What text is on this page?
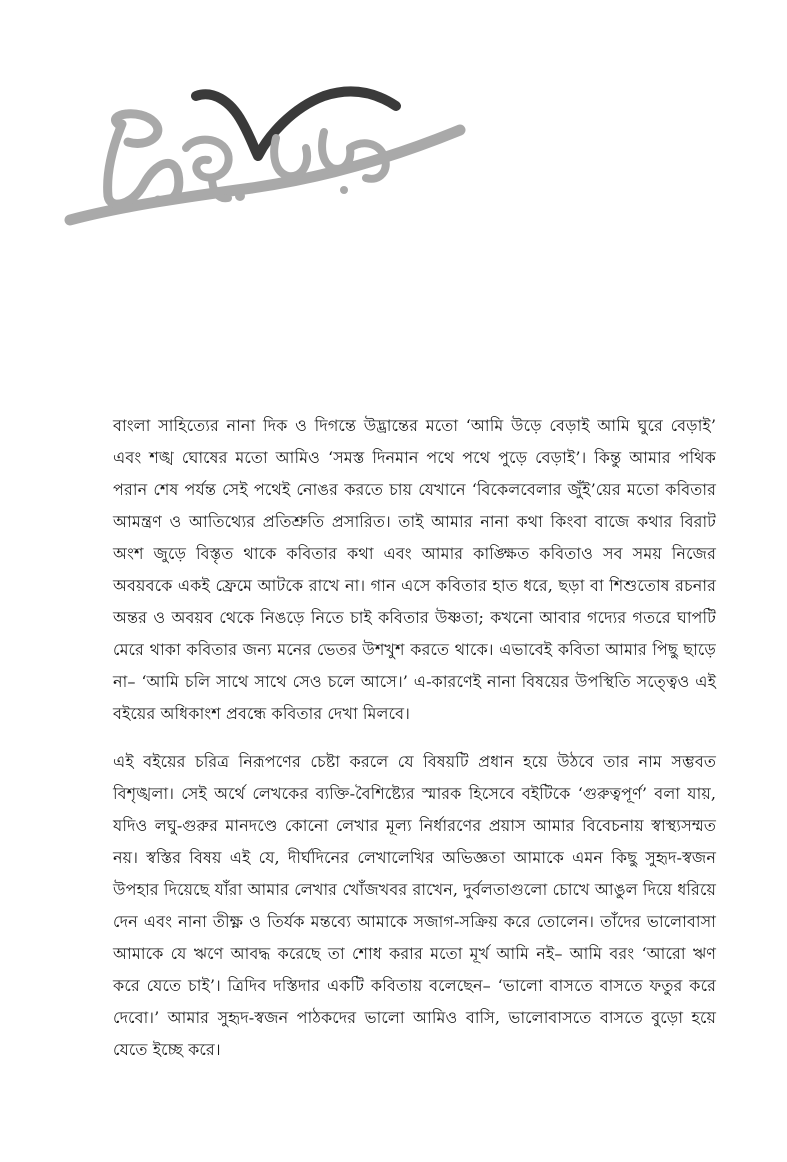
বাংলা সাহিত্যের নানা দিক ও দিগন্তে উদ্ভ্রান্তের মতো ‘আমি উড়ে বেড়াই আমি ঘুরে বেড়াই’ এবং শঙ্খ ঘোষের মতো আমিও ‘সমস্ত দিনমান পথে পথে পুড়ে বেড়াই’। কিন্তু আমার পথিক পরান শেষ পর্যন্ত সেই পথেই নোঙর করতে চায় যেখানে ‘বিকেলবেলার জুঁই’য়ের মতো কবিতার আমন্ত্রণ ও আতিথ্যের প্রতিশ্রুতি প্রসারিত। তাই আমার নানা কথা কিংবা বাজে কথার বিরাট অংশ জুড়ে বিস্তৃত থাকে কবিতার কথা এবং আমার কাঙ্ক্ষিত কবিতাও সব সময় নিজের অবয়বকে একই ফ্রেমে আটকে রাখে না। গান এসে কবিতার হাত ধরে, ছড়া বা শিশুতোষ রচনার অন্তর ও অবয়ব থেকে নিঙড়ে নিতে চাই কবিতার উষ্ণতা; কখনো আবার গদ্যের গতরে ঘাপটি মেরে থাকা কবিতার জন্য মনের ভেতর উশখুশ করতে থাকে। এভাবেই কবিতা আমার পিছু ছাড়ে না– ‘আমি চলি সাথে সাথে সেও চলে আসে।’ এ-কারণেই নানা বিষয়ের উপস্থিতি সত্ত্বেও এই বইয়ের অধিকাংশ প্রবন্ধে কবিতার দেখা মিলবে।

এই বইয়ের চরিত্র নিরূপণের চেষ্টা করলে যে বিষয়টি প্রধান হয়ে উঠবে তার নাম সম্ভবত বিশৃঙ্খলা। সেই অর্থে লেখকের ব্যক্তি-বৈশিষ্ট্যের স্মারক হিসেবে বইটিকে ‘গুরুত্বপূর্ণ’ বলা যায়, যদিও লঘু-গুরুর মানদণ্ডে কোনো লেখার মূল্য নির্ধারণের প্রয়াস আমার বিবেচনায় স্বাস্থ্যসম্মত নয়। স্বস্তির বিষয় এই যে, দীর্ঘদিনের লেখালেখির অভিজ্ঞতা আমাকে এমন কিছু সুহৃদ-স্বজন উপহার দিয়েছে যাঁরা আমার লেখার খোঁজখবর রাখেন, দুর্বলতাগুলো চোখে আঙুল দিয়ে ধরিয়ে দেন এবং নানা তীক্ষ্ণ ও তির্যক মন্তব্যে আমাকে সজাগ-সক্রিয় করে তোলেন। তাঁদের ভালোবাসা আমাকে যে ঋণে আবদ্ধ করেছে তা শোধ করার মতো মূর্খ আমি নই– আমি বরং ‘আরো ঋণ করে যেতে চাই’। ত্রিদিব দস্তিদার একটি কবিতায় বলেছেন– ‘ভালো বাসতে বাসতে ফতুর করে দেবো।’ আমার সুহৃদ-স্বজন পাঠকদের ভালো আমিও বাসি, ভালোবাসতে বাসতে বুড়ো হয়ে যেতে ইচ্ছে করে।
